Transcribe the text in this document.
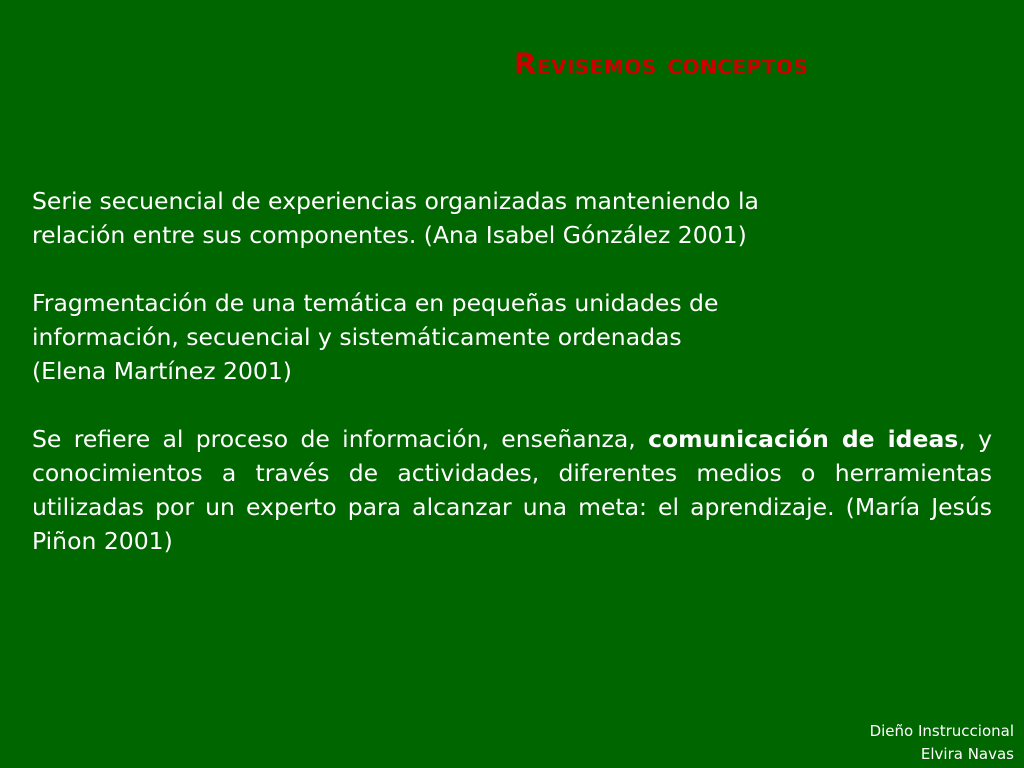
Revisemos conceptos
Serie secuencial de experiencias organizadas manteniendo la
relación entre sus componentes. (Ana Isabel Gónzález 2001)
Fragmentación de una temática en pequeñas unidades de
información, secuencial y sistemáticamente ordenadas
(Elena Martínez 2001)
Se refiere al proceso de información, enseñanza, comunicación de ideas, y conocimientos a través de actividades, diferentes medios o herramientas utilizadas por un experto para alcanzar una meta: el aprendizaje. (María Jesús Piñon 2001)
Dieño Instruccional
Elvira Navas
